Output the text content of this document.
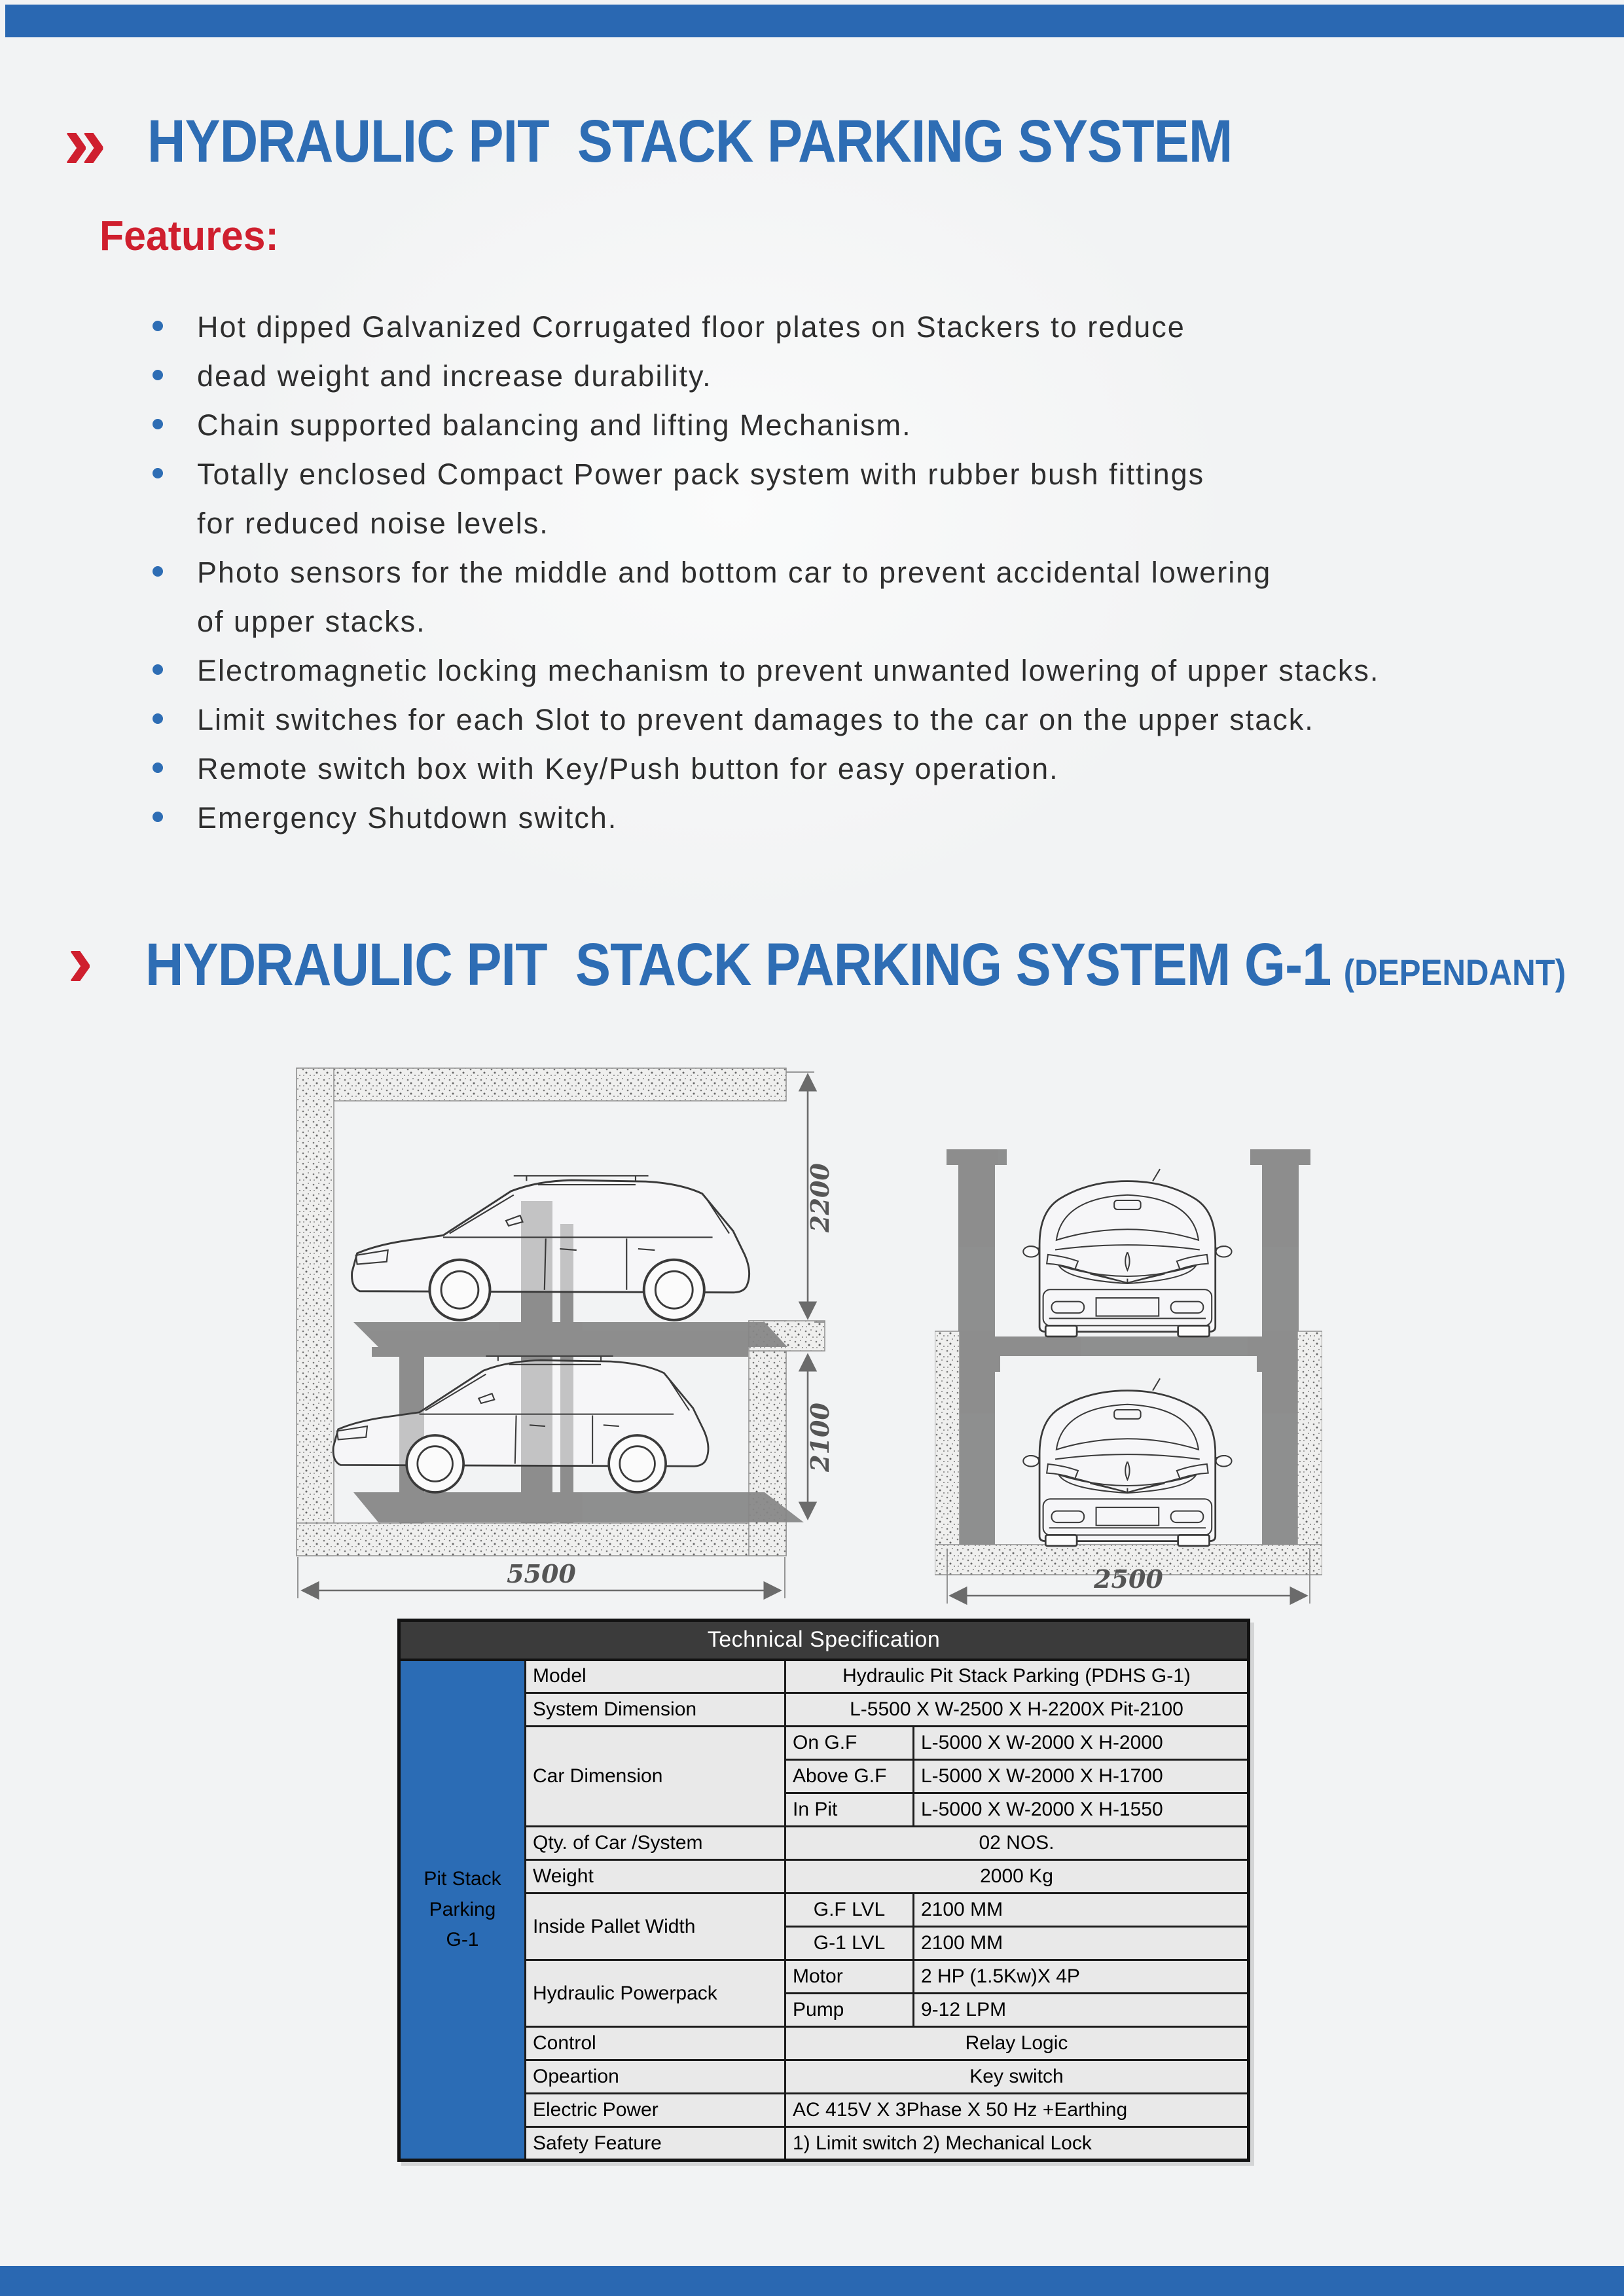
» HYDRAULIC PIT  STACK PARKING SYSTEM
Features:
Hot dipped Galvanized Corrugated floor plates on Stackers to reduce
dead weight and increase durability.
Chain supported balancing and lifting Mechanism.
Totally enclosed Compact Power pack system with rubber bush fittings
for reduced noise levels.
Photo sensors for the middle and bottom car to prevent accidental lowering
of upper stacks.
Electromagnetic locking mechanism to prevent unwanted lowering of upper stacks.
Limit switches for each Slot to prevent damages to the car on the upper stack.
Remote switch box with Key/Push button for easy operation.
Emergency Shutdown switch.
› HYDRAULIC PIT  STACK PARKING SYSTEM G-1 (DEPENDANT)
2200
2100
5500	2500
Technical Specification			

Pit Stack
Parking
G-1	Model	Hydraulic Pit Stack Parking (PDHS G-1)	
	System Dimension	L-5500 X W-2500 X H-2200X Pit-2100	
	Car Dimension	On G.F	L-5000 X W-2000 X H-2000
		Above G.F	L-5000 X W-2000 X H-1700
		In Pit	L-5000 X W-2000 X H-1550
	Qty. of Car /System	02 NOS.	
	Weight	2000 Kg	
	Inside Pallet Width	G.F LVL	2100 MM
		G-1 LVL	2100 MM
	Hydraulic Powerpack	Motor	2 HP (1.5Kw)X 4P
		Pump	9-12 LPM
	Control	Relay Logic	
	Opeartion	Key switch	
	Electric Power	AC 415V X 3Phase X 50 Hz +Earthing	
	Safety Feature	1) Limit switch 2) Mechanical Lock	
